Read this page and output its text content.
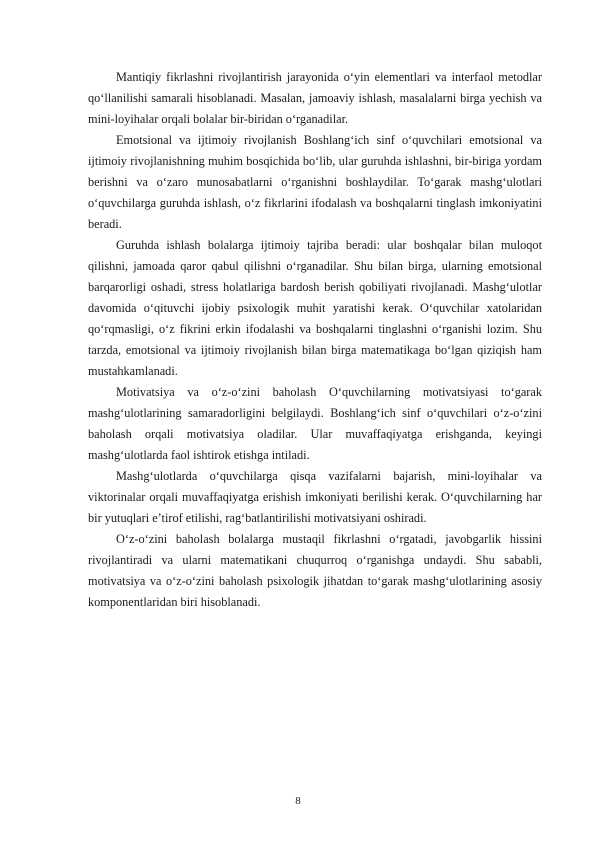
​

Mantiqiy fikrlashni rivojlantirish jarayonida o‘yin elementlari va interfaol metodlar qo‘llanilishi samarali hisoblanadi. Masalan, jamoaviy ishlash, masalalarni birga yechish va mini-loyihalar orqali bolalar bir-biridan o‘rganadilar.

Emotsional va ijtimoiy rivojlanish Boshlang‘ich sinf o‘quvchilari emotsional va ijtimoiy rivojlanishning muhim bosqichida bo‘lib, ular guruhda ishlashni, bir-biriga yordam berishni va o‘zaro munosabatlarni o‘rganishni boshlaydilar. To‘garak mashg‘ulotlari o‘quvchilarga guruhda ishlash, o‘z fikrlarini ifodalash va boshqalarni tinglash imkoniyatini beradi.

Guruhda ishlash bolalarga ijtimoiy tajriba beradi: ular boshqalar bilan muloqot qilishni, jamoada qaror qabul qilishni o‘rganadilar. Shu bilan birga, ularning emotsional barqarorligi oshadi, stress holatlariga bardosh berish qobiliyati rivojlanadi. Mashg‘ulotlar davomida o‘qituvchi ijobiy psixologik muhit yaratishi kerak. O‘quvchilar xatolaridan qo‘rqmasligi, o‘z fikrini erkin ifodalashi va boshqalarni tinglashni o‘rganishi lozim. Shu tarzda, emotsional va ijtimoiy rivojlanish bilan birga matematikaga bo‘lgan qiziqish ham mustahkamlanadi.

Motivatsiya va o‘z-o‘zini baholash O‘quvchilarning motivatsiyasi to‘garak mashg‘ulotlarining samaradorligini belgilaydi. Boshlang‘ich sinf o‘quvchilari o‘z-o‘zini baholash orqali motivatsiya oladilar. Ular muvaffaqiyatga erishganda, keyingi mashg‘ulotlarda faol ishtirok etishga intiladi.

Mashg‘ulotlarda o‘quvchilarga qisqa vazifalarni bajarish, mini-loyihalar va viktorinalar orqali muvaffaqiyatga erishish imkoniyati berilishi kerak. O‘quvchilarning har bir yutuqlari e’tirof etilishi, rag‘batlantirilishi motivatsiyani oshiradi.

O‘z-o‘zini baholash bolalarga mustaqil fikrlashni o‘rgatadi, javobgarlik hissini rivojlantiradi va ularni matematikani chuqurroq o‘rganishga undaydi. Shu sababli, motivatsiya va o‘z-o‘zini baholash psixologik jihatdan to‘garak mashg‘ulotlarining asosiy komponentlaridan biri hisoblanadi.

8
